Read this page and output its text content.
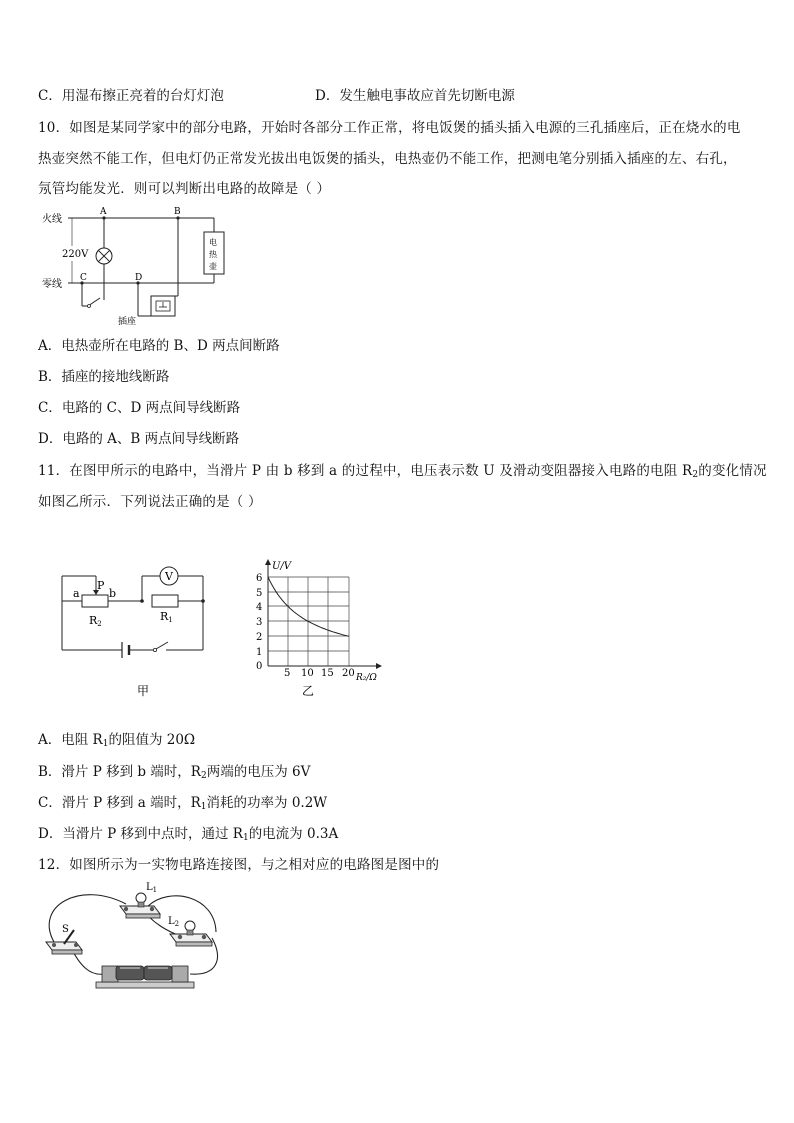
C．用湿布擦正亮着的台灯灯泡	D．发生触电事故应首先切断电源
10．如图是某同学家中的部分电路，开始时各部分工作正常，将电饭煲的插头插入电源的三孔插座后，正在烧水的电
热壶突然不能工作，但电灯仍正常发光拔出电饭煲的插头，电热壶仍不能工作，把测电笔分别插入插座的左、右孔，
氖管均能发光．则可以判断出电路的故障是（ ）
火线
零线
220V
A	B
C	D
插座
电
热
壶
A．电热壶所在电路的 B、D 两点间断路
B．插座的接地线断路
C．电路的 C、D 两点间导线断路
D．电路的 A、B 两点间导线断路
11．在图甲所示的电路中，当滑片 P 由 b 移到 a 的过程中，电压表示数 U 及滑动变阻器接入电路的电阻 $R_2$的变化情况
如图乙所示．下列说法正确的是（ ）
V
a
P
b
R2
R1
甲
0
1
2
3
4
5
6
5 10 15 20
U/V
R₂/Ω
乙
A．电阻 $R_1$的阻值为 20Ω
B．滑片 P 移到 b 端时，$R_2$两端的电压为 6V
C．滑片 P 移到 a 端时，$R_1$消耗的功率为 0.2W
D．当滑片 P 移到中点时，通过 $R_1$的电流为 0.3A
12．如图所示为一实物电路连接图，与之相对应的电路图是图中的
$L_1$
$L_2$
S
